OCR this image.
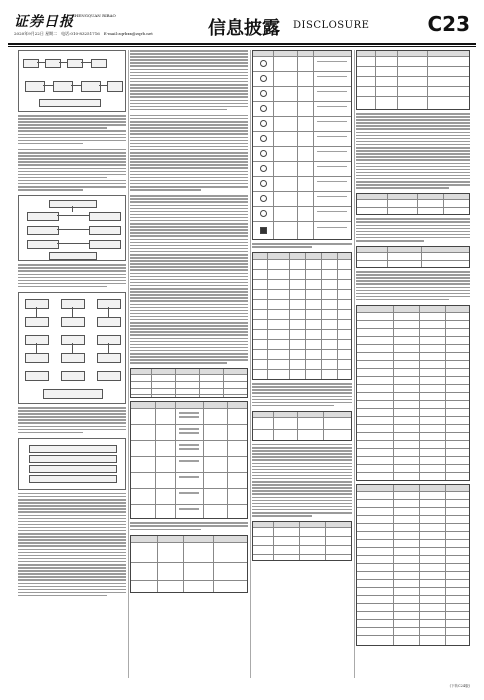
证券日报
ZHENGQUAN RIBAO
2020年9月22日 星期二　电话:010-83251716　E-mail:zqrbxx@zqrb.net	信息披露 DISCLOSURE	C23
(下转C24版)
